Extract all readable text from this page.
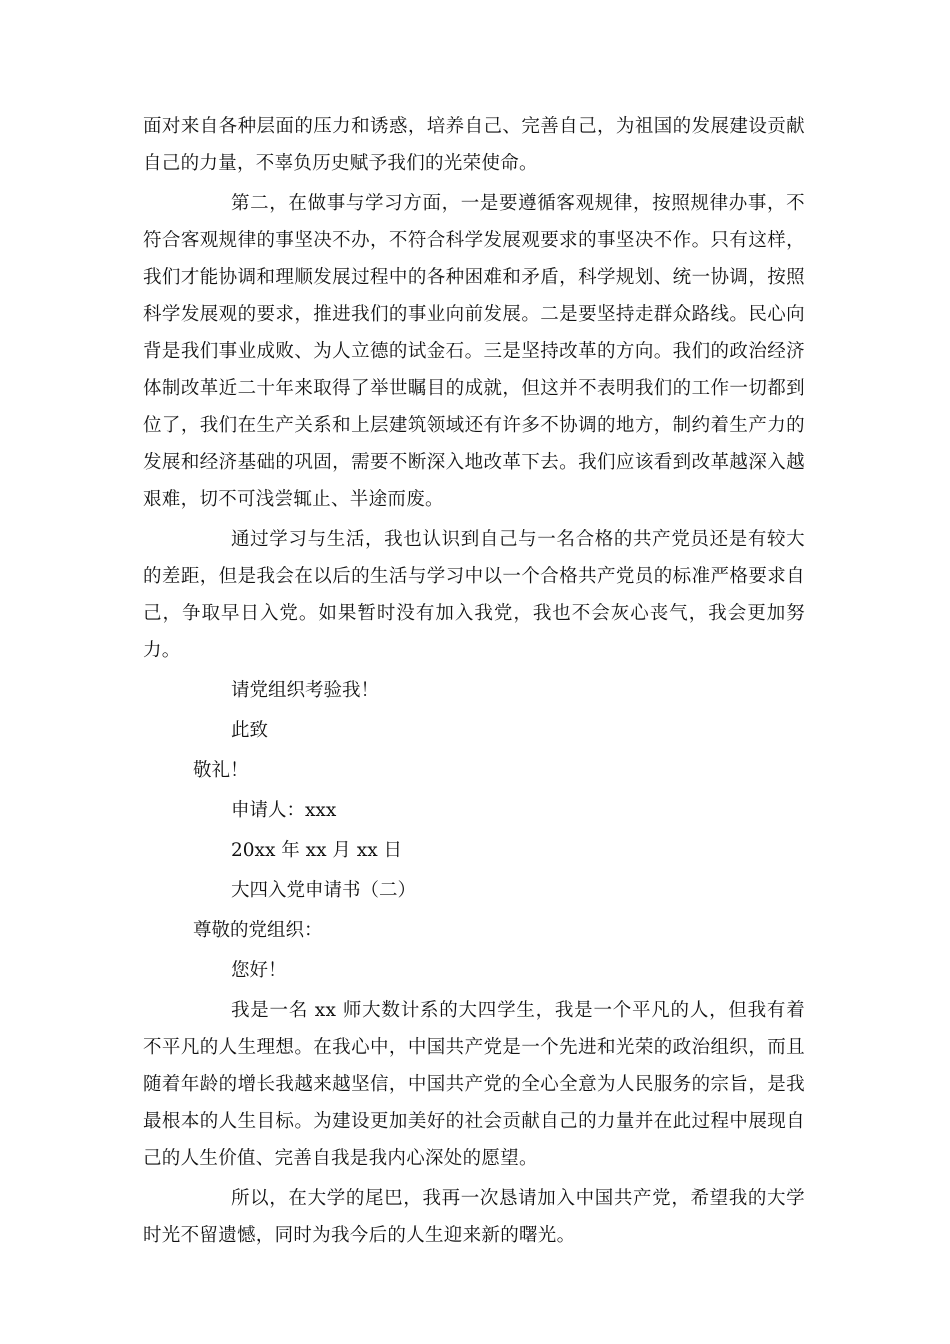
面对来自各种层面的压力和诱惑，培养自己、完善自己，为祖国的发展建设贡献自己的力量，不辜负历史赋予我们的光荣使命。

第二，在做事与学习方面，一是要遵循客观规律，按照规律办事，不符合客观规律的事坚决不办，不符合科学发展观要求的事坚决不作。只有这样，我们才能协调和理顺发展过程中的各种困难和矛盾，科学规划、统一协调，按照科学发展观的要求，推进我们的事业向前发展。二是要坚持走群众路线。民心向背是我们事业成败、为人立德的试金石。三是坚持改革的方向。我们的政治经济体制改革近二十年来取得了举世瞩目的成就，但这并不表明我们的工作一切都到位了，我们在生产关系和上层建筑领域还有许多不协调的地方，制约着生产力的发展和经济基础的巩固，需要不断深入地改革下去。我们应该看到改革越深入越艰难，切不可浅尝辄止、半途而废。

通过学习与生活，我也认识到自己与一名合格的共产党员还是有较大的差距，但是我会在以后的生活与学习中以一个合格共产党员的标准严格要求自己，争取早日入党。如果暂时没有加入我党，我也不会灰心丧气，我会更加努力。

请党组织考验我！
此致
敬礼！
申请人：xxx
20xx 年 xx 月 xx 日
大四入党申请书（二）
尊敬的党组织：
您好！

我是一名 xx 师大数计系的大四学生，我是一个平凡的人，但我有着不平凡的人生理想。在我心中，中国共产党是一个先进和光荣的政治组织，而且随着年龄的增长我越来越坚信，中国共产党的全心全意为人民服务的宗旨，是我最根本的人生目标。为建设更加美好的社会贡献自己的力量并在此过程中展现自己的人生价值、完善自我是我内心深处的愿望。

所以，在大学的尾巴，我再一次恳请加入中国共产党，希望我的大学时光不留遗憾，同时为我今后的人生迎来新的曙光。
